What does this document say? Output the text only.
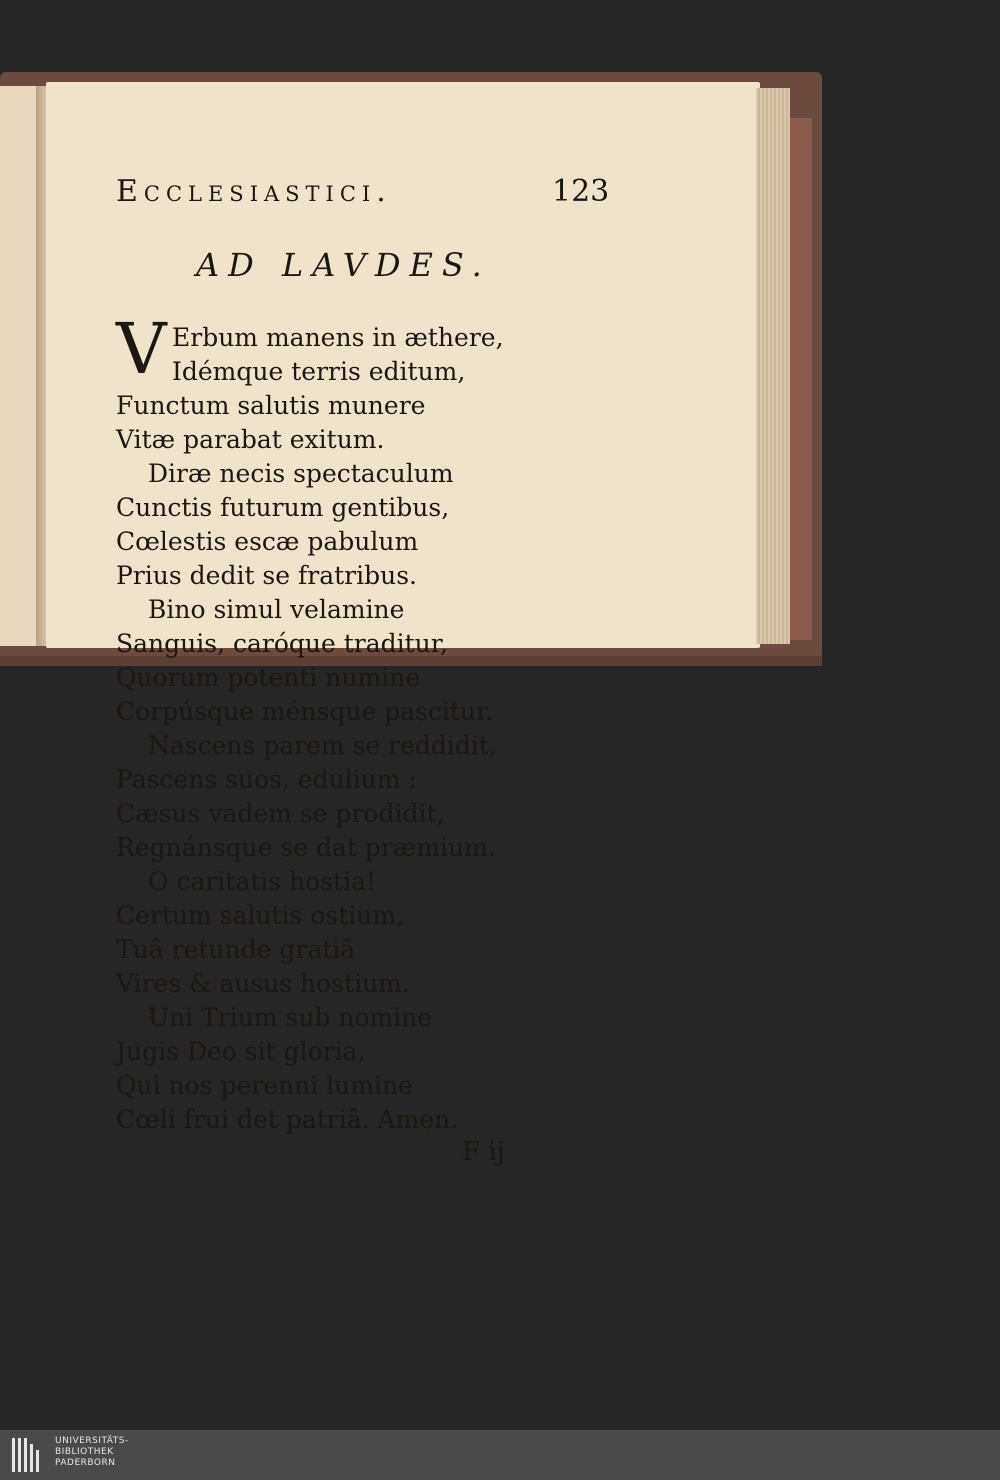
Ecclesiastici.	123
AD LAVDES.
V Erbum manens in æthere,
Idémque terris editum,
Functum salutis munere
Vitæ parabat exitum.
Diræ necis spectaculum
Cunctis futurum gentibus,
Cœlestis escæ pabulum
Prius dedit se fratribus.
Bino simul velamine
Sanguis, caróque traditur,
Quorum potenti numine
Corpúsque ménsque pascitur.
Nascens parem se reddidit,
Pascens suos, edulium :
Cæsus vadem se prodidit,
Regnánsque se dat præmium.
O caritatis hostia!
Certum salutis ostium,
Tuâ retunde gratiâ
Vires & ausus hostium.
Uni Trium sub nomine
Jugis Deo sit gloria,
Qui nos perenni lumine
Cœli frui det patriâ. Amen.
F ij
UNIVERSITÄTS-
BIBLIOTHEK
PADERBORN
